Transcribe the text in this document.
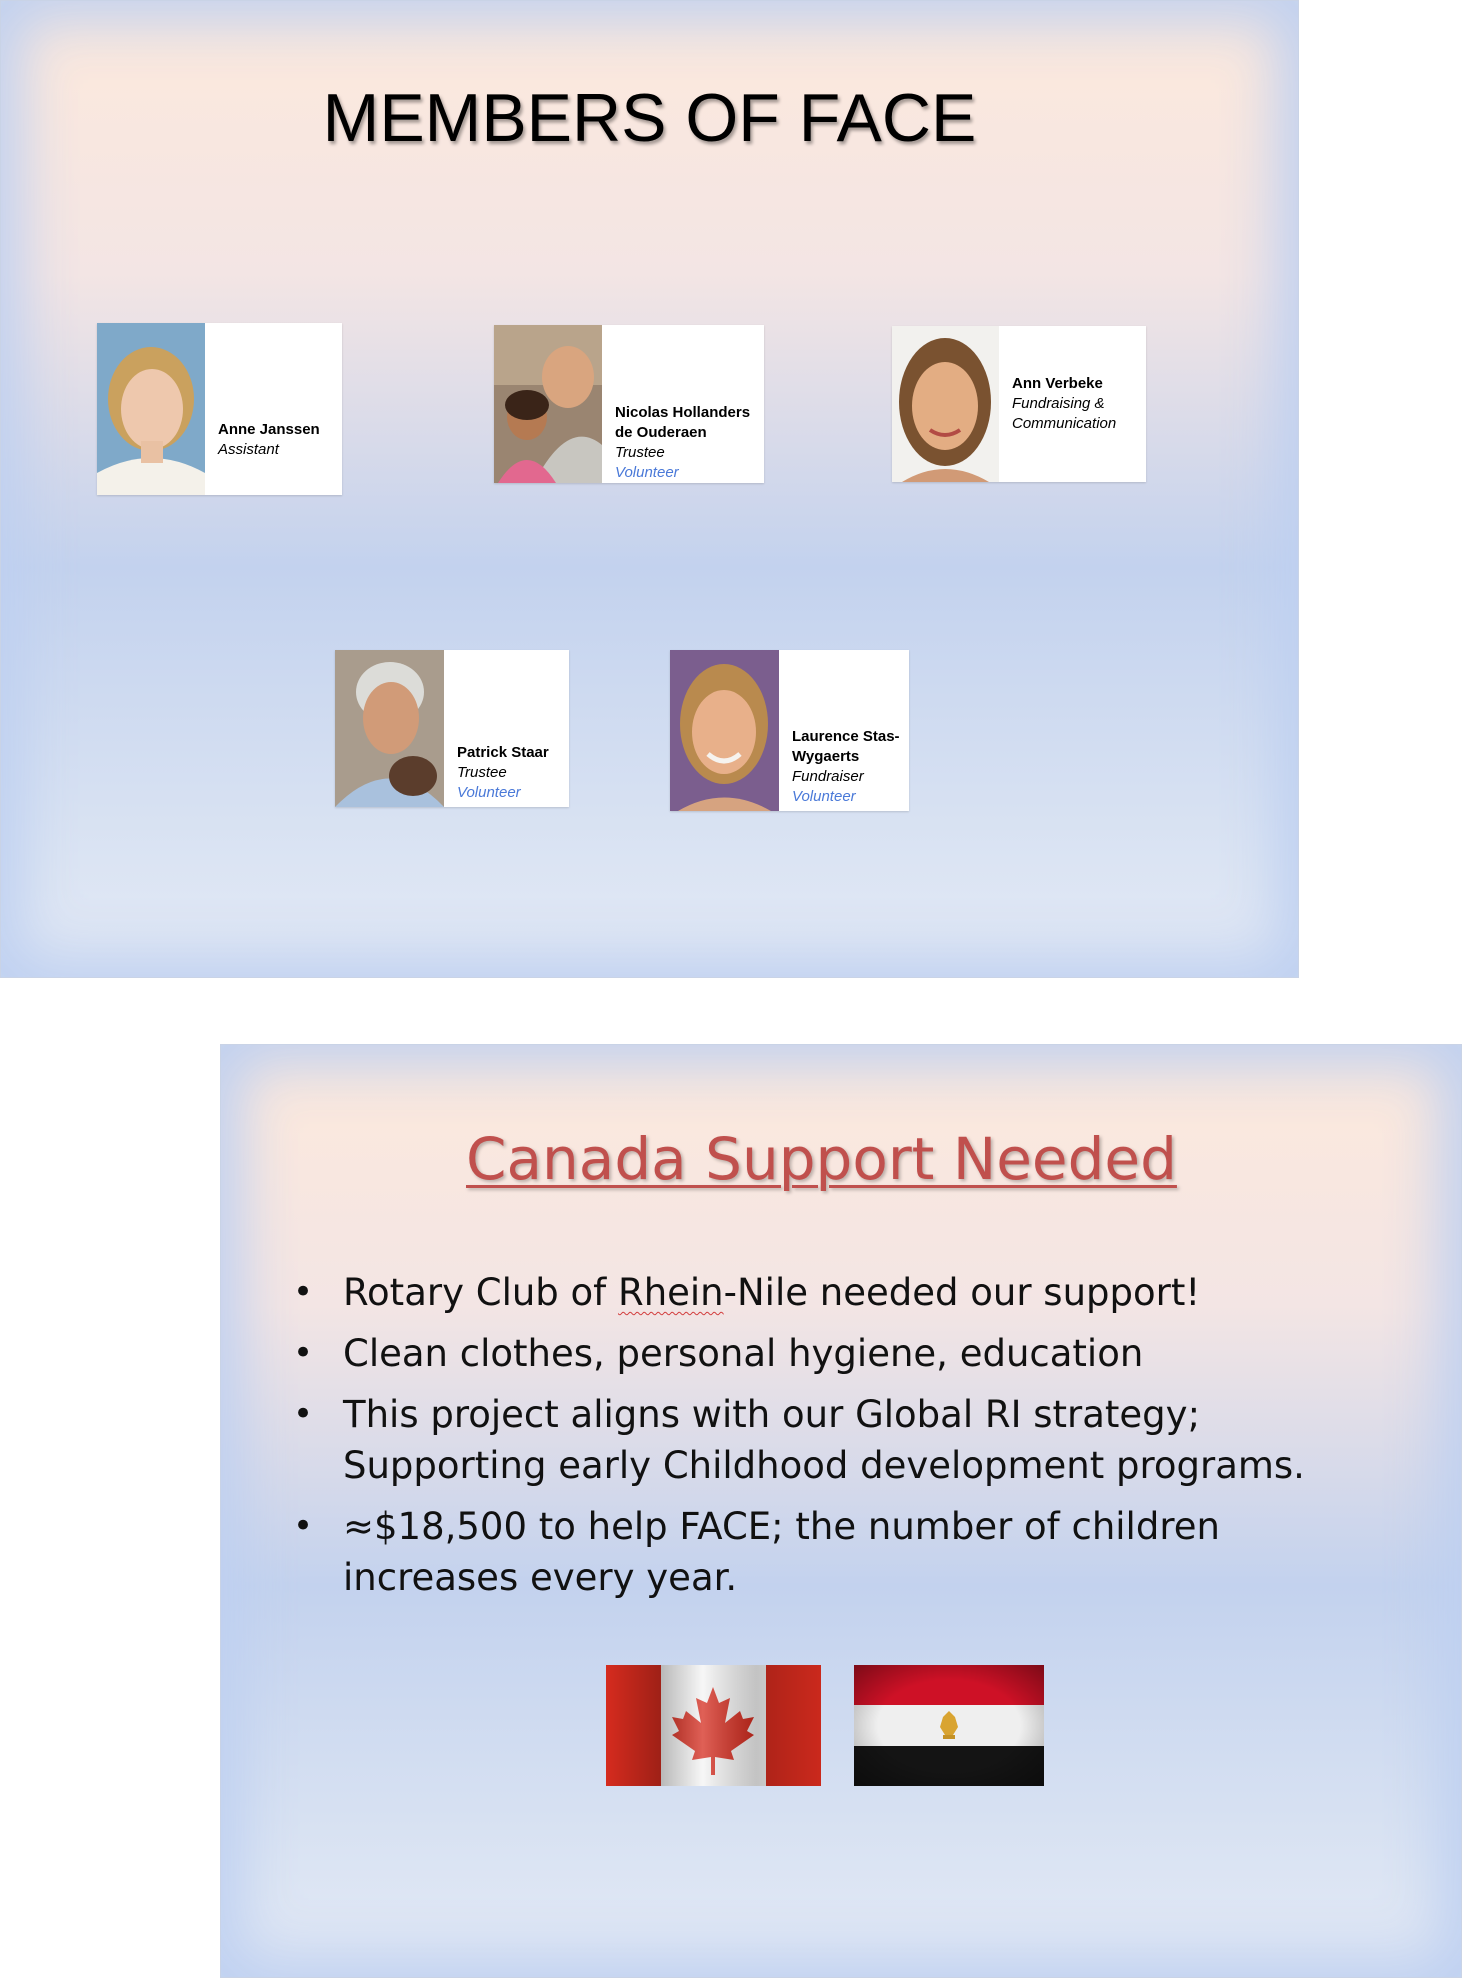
MEMBERS OF FACE
Anne Janssen
Assistant
Nicolas Hollanders
de Ouderaen
Trustee
Volunteer
Ann Verbeke
Fundraising &
Communication
Patrick Staar
Trustee
Volunteer
Laurence Stas-
Wygaerts
Fundraiser
Volunteer
Canada Support Needed
• Rotary Club of Rhein-Nile needed our support!
• Clean clothes, personal hygiene, education
• This project aligns with our Global RI strategy;
Supporting early Childhood development programs.
• ≈$18,500 to help FACE; the number of children
increases every year.
